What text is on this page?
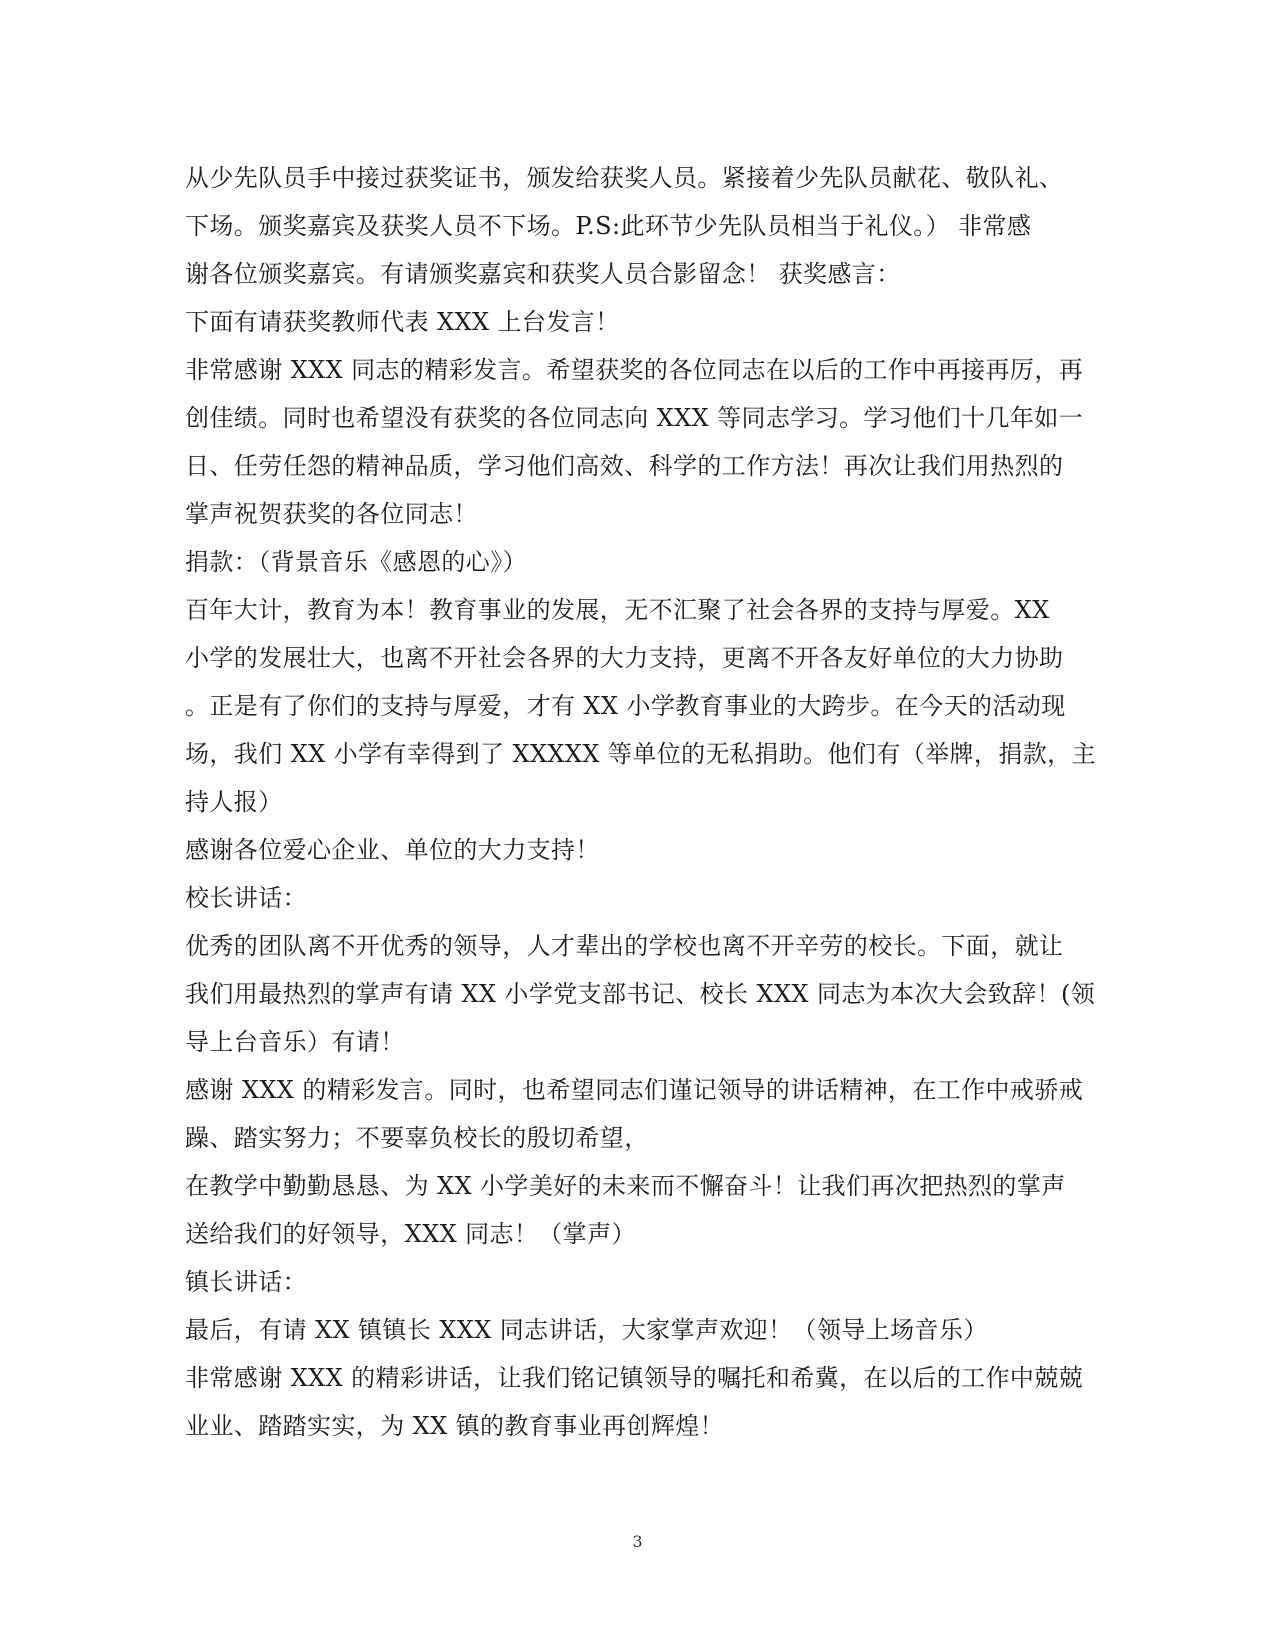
从少先队员手中接过获奖证书，颁发给获奖人员。紧接着少先队员献花、敬队礼、
下场。颁奖嘉宾及获奖人员不下场。P.S:此环节少先队员相当于礼仪。） 非常感
谢各位颁奖嘉宾。有请颁奖嘉宾和获奖人员合影留念！ 获奖感言：
下面有请获奖教师代表 XXX 上台发言！
非常感谢 XXX 同志的精彩发言。希望获奖的各位同志在以后的工作中再接再厉，再
创佳绩。同时也希望没有获奖的各位同志向 XXX 等同志学习。学习他们十几年如一
日、任劳任怨的精神品质，学习他们高效、科学的工作方法！再次让我们用热烈的
掌声祝贺获奖的各位同志！
捐款：（背景音乐《感恩的心》）
百年大计，教育为本！教育事业的发展，无不汇聚了社会各界的支持与厚爱。XX
小学的发展壮大，也离不开社会各界的大力支持，更离不开各友好单位的大力协助
。正是有了你们的支持与厚爱，才有 XX 小学教育事业的大跨步。在今天的活动现
场，我们 XX 小学有幸得到了 XXXXX 等单位的无私捐助。他们有（举牌，捐款，主
持人报）
感谢各位爱心企业、单位的大力支持！
校长讲话：
优秀的团队离不开优秀的领导，人才辈出的学校也离不开辛劳的校长。下面，就让
我们用最热烈的掌声有请 XX 小学党支部书记、校长 XXX 同志为本次大会致辞！(领
导上台音乐）有请！
感谢 XXX 的精彩发言。同时，也希望同志们谨记领导的讲话精神，在工作中戒骄戒
躁、踏实努力；不要辜负校长的殷切希望，
在教学中勤勤恳恳、为 XX 小学美好的未来而不懈奋斗！让我们再次把热烈的掌声
送给我们的好领导，XXX 同志！（掌声）
镇长讲话：
最后，有请 XX 镇镇长 XXX 同志讲话，大家掌声欢迎！（领导上场音乐）
非常感谢 XXX 的精彩讲话，让我们铭记镇领导的嘱托和希冀，在以后的工作中兢兢
业业、踏踏实实，为 XX 镇的教育事业再创辉煌！
3
